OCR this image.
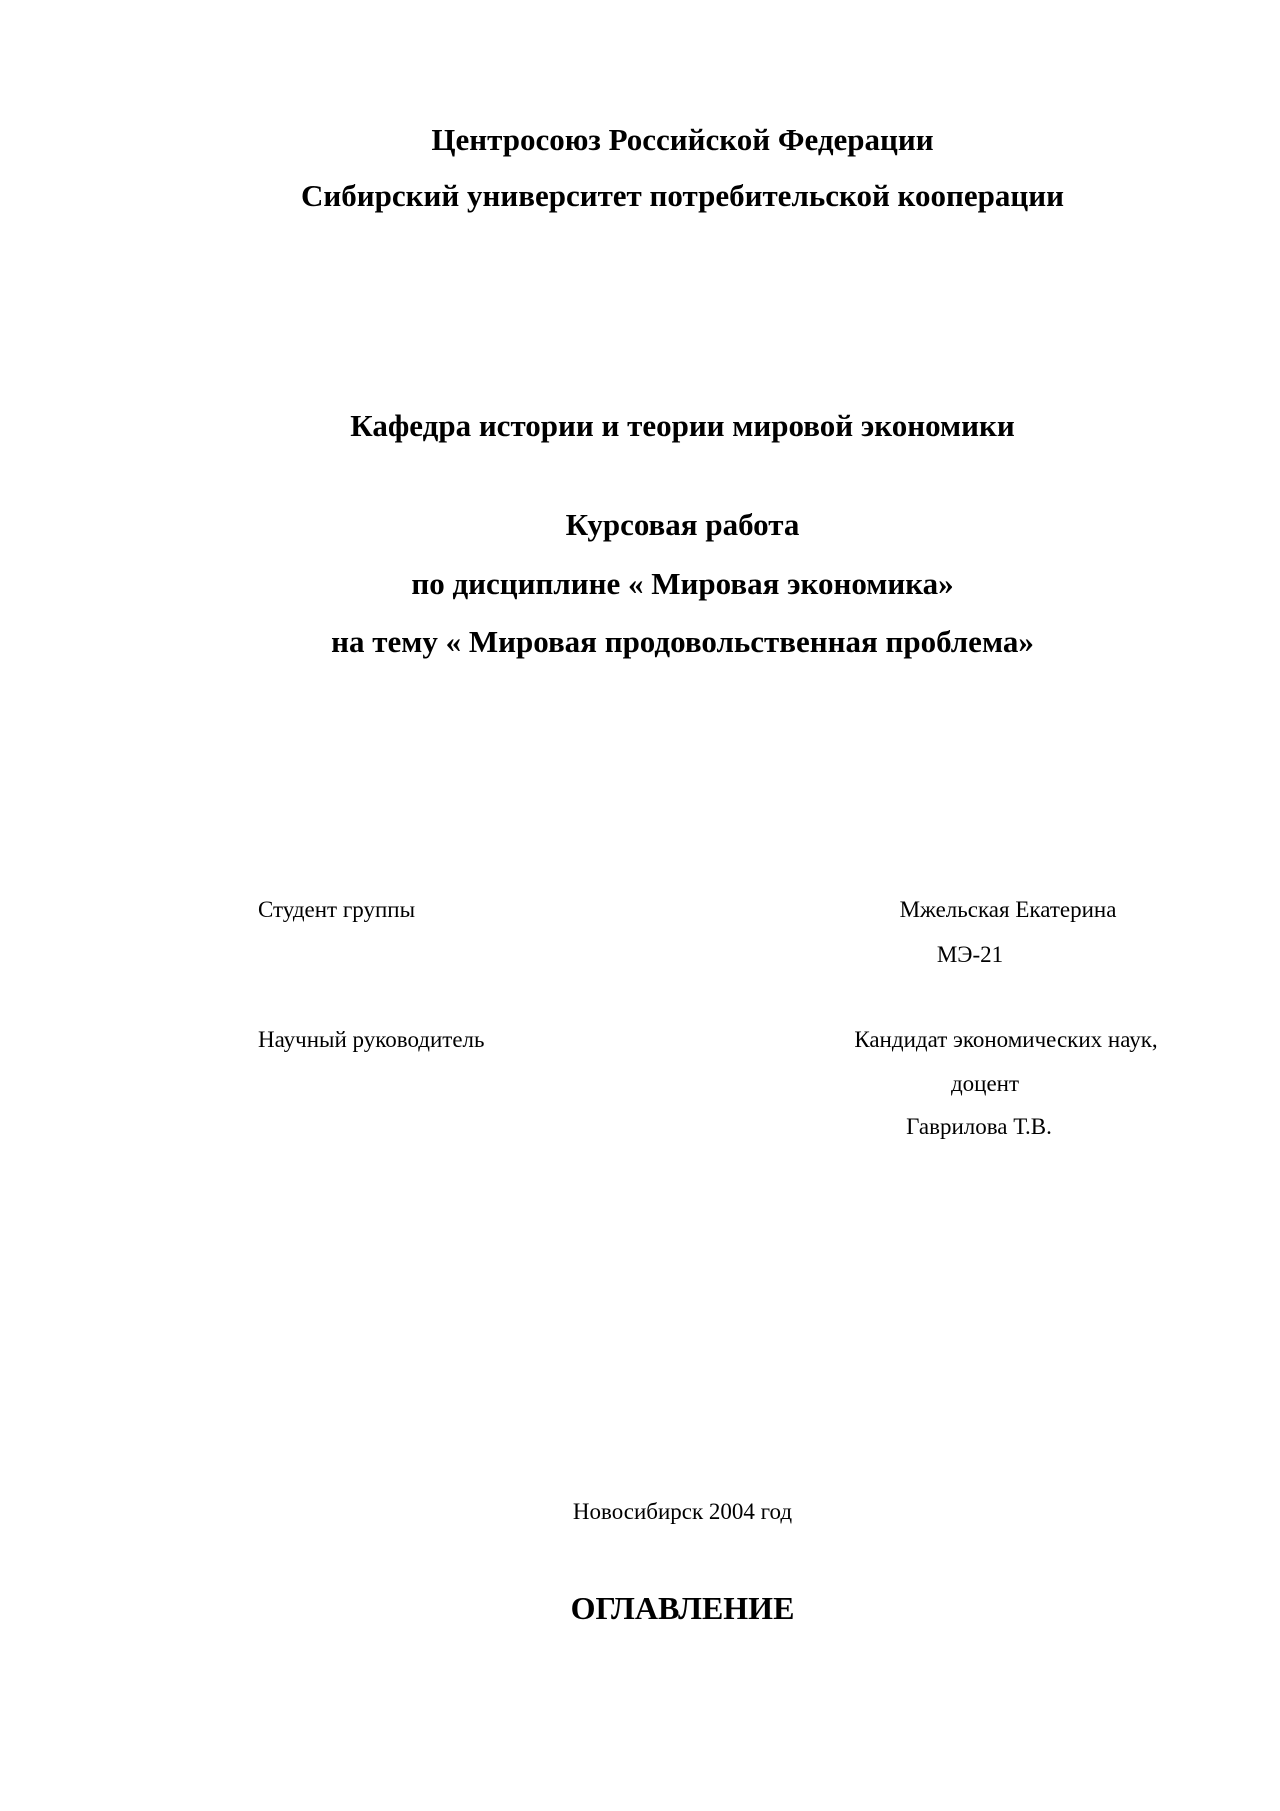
Центросоюз Российской Федерации
Сибирский университет потребительской кооперации
Кафедра истории и теории мировой экономики
Курсовая работа
по дисциплине « Мировая экономика»
на тему « Мировая продовольственная проблема»
Студент группы	Мжельская Екатерина
МЭ-21
Научный руководитель	Кандидат экономических наук,
доцент
Гаврилова Т.В.
Новосибирск 2004 год
ОГЛАВЛЕНИЕ
